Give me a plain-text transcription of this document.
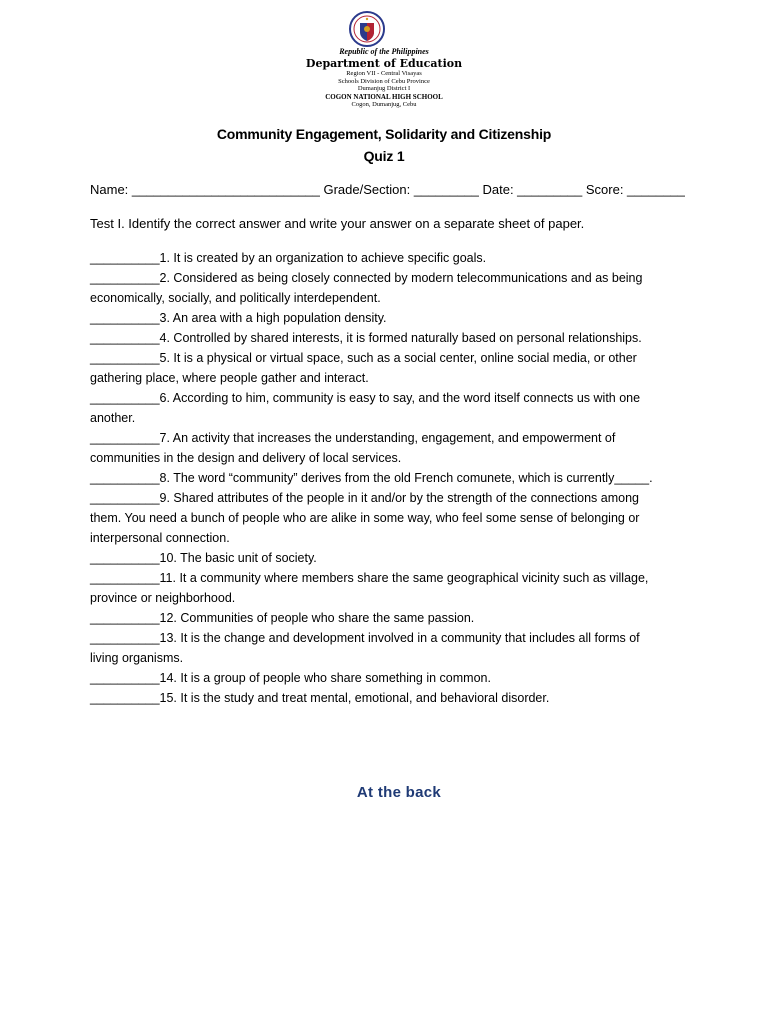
Republic of the Philippines
Department of Education
Region VII - Central Visayas
Schools Division of Cebu Province
Dumanjug District I
COGON NATIONAL HIGH SCHOOL
Cogon, Dumanjug, Cebu
Community Engagement, Solidarity and Citizenship
Quiz 1
Name: __________________________ Grade/Section: _________ Date: _________ Score: ________
Test I. Identify the correct answer and write your answer on a separate sheet of paper.

__________1. It is created by an organization to achieve specific goals.

__________2. Considered as being closely connected by modern telecommunications and as being economically, socially, and politically interdependent.

__________3. An area with a high population density.

__________4. Controlled by shared interests, it is formed naturally based on personal relationships.

__________5. It is a physical or virtual space, such as a social center, online social media, or other gathering place, where people gather and interact.

__________6. According to him, community is easy to say, and the word itself connects us with one another.

__________7. An activity that increases the understanding, engagement, and empowerment of communities in the design and delivery of local services.

__________8. The word “community” derives from the old French comunete, which is currently_____.

__________9. Shared attributes of the people in it and/or by the strength of the connections among them. You need a bunch of people who are alike in some way, who feel some sense of belonging or interpersonal connection.

__________10. The basic unit of society.

__________11. It a community where members share the same geographical vicinity such as village, province or neighborhood.

__________12. Communities of people who share the same passion.

__________13. It is the change and development involved in a community that includes all forms of living organisms.

__________14. It is a group of people who share something in common.

__________15. It is the study and treat mental, emotional, and behavioral disorder.

At the back
